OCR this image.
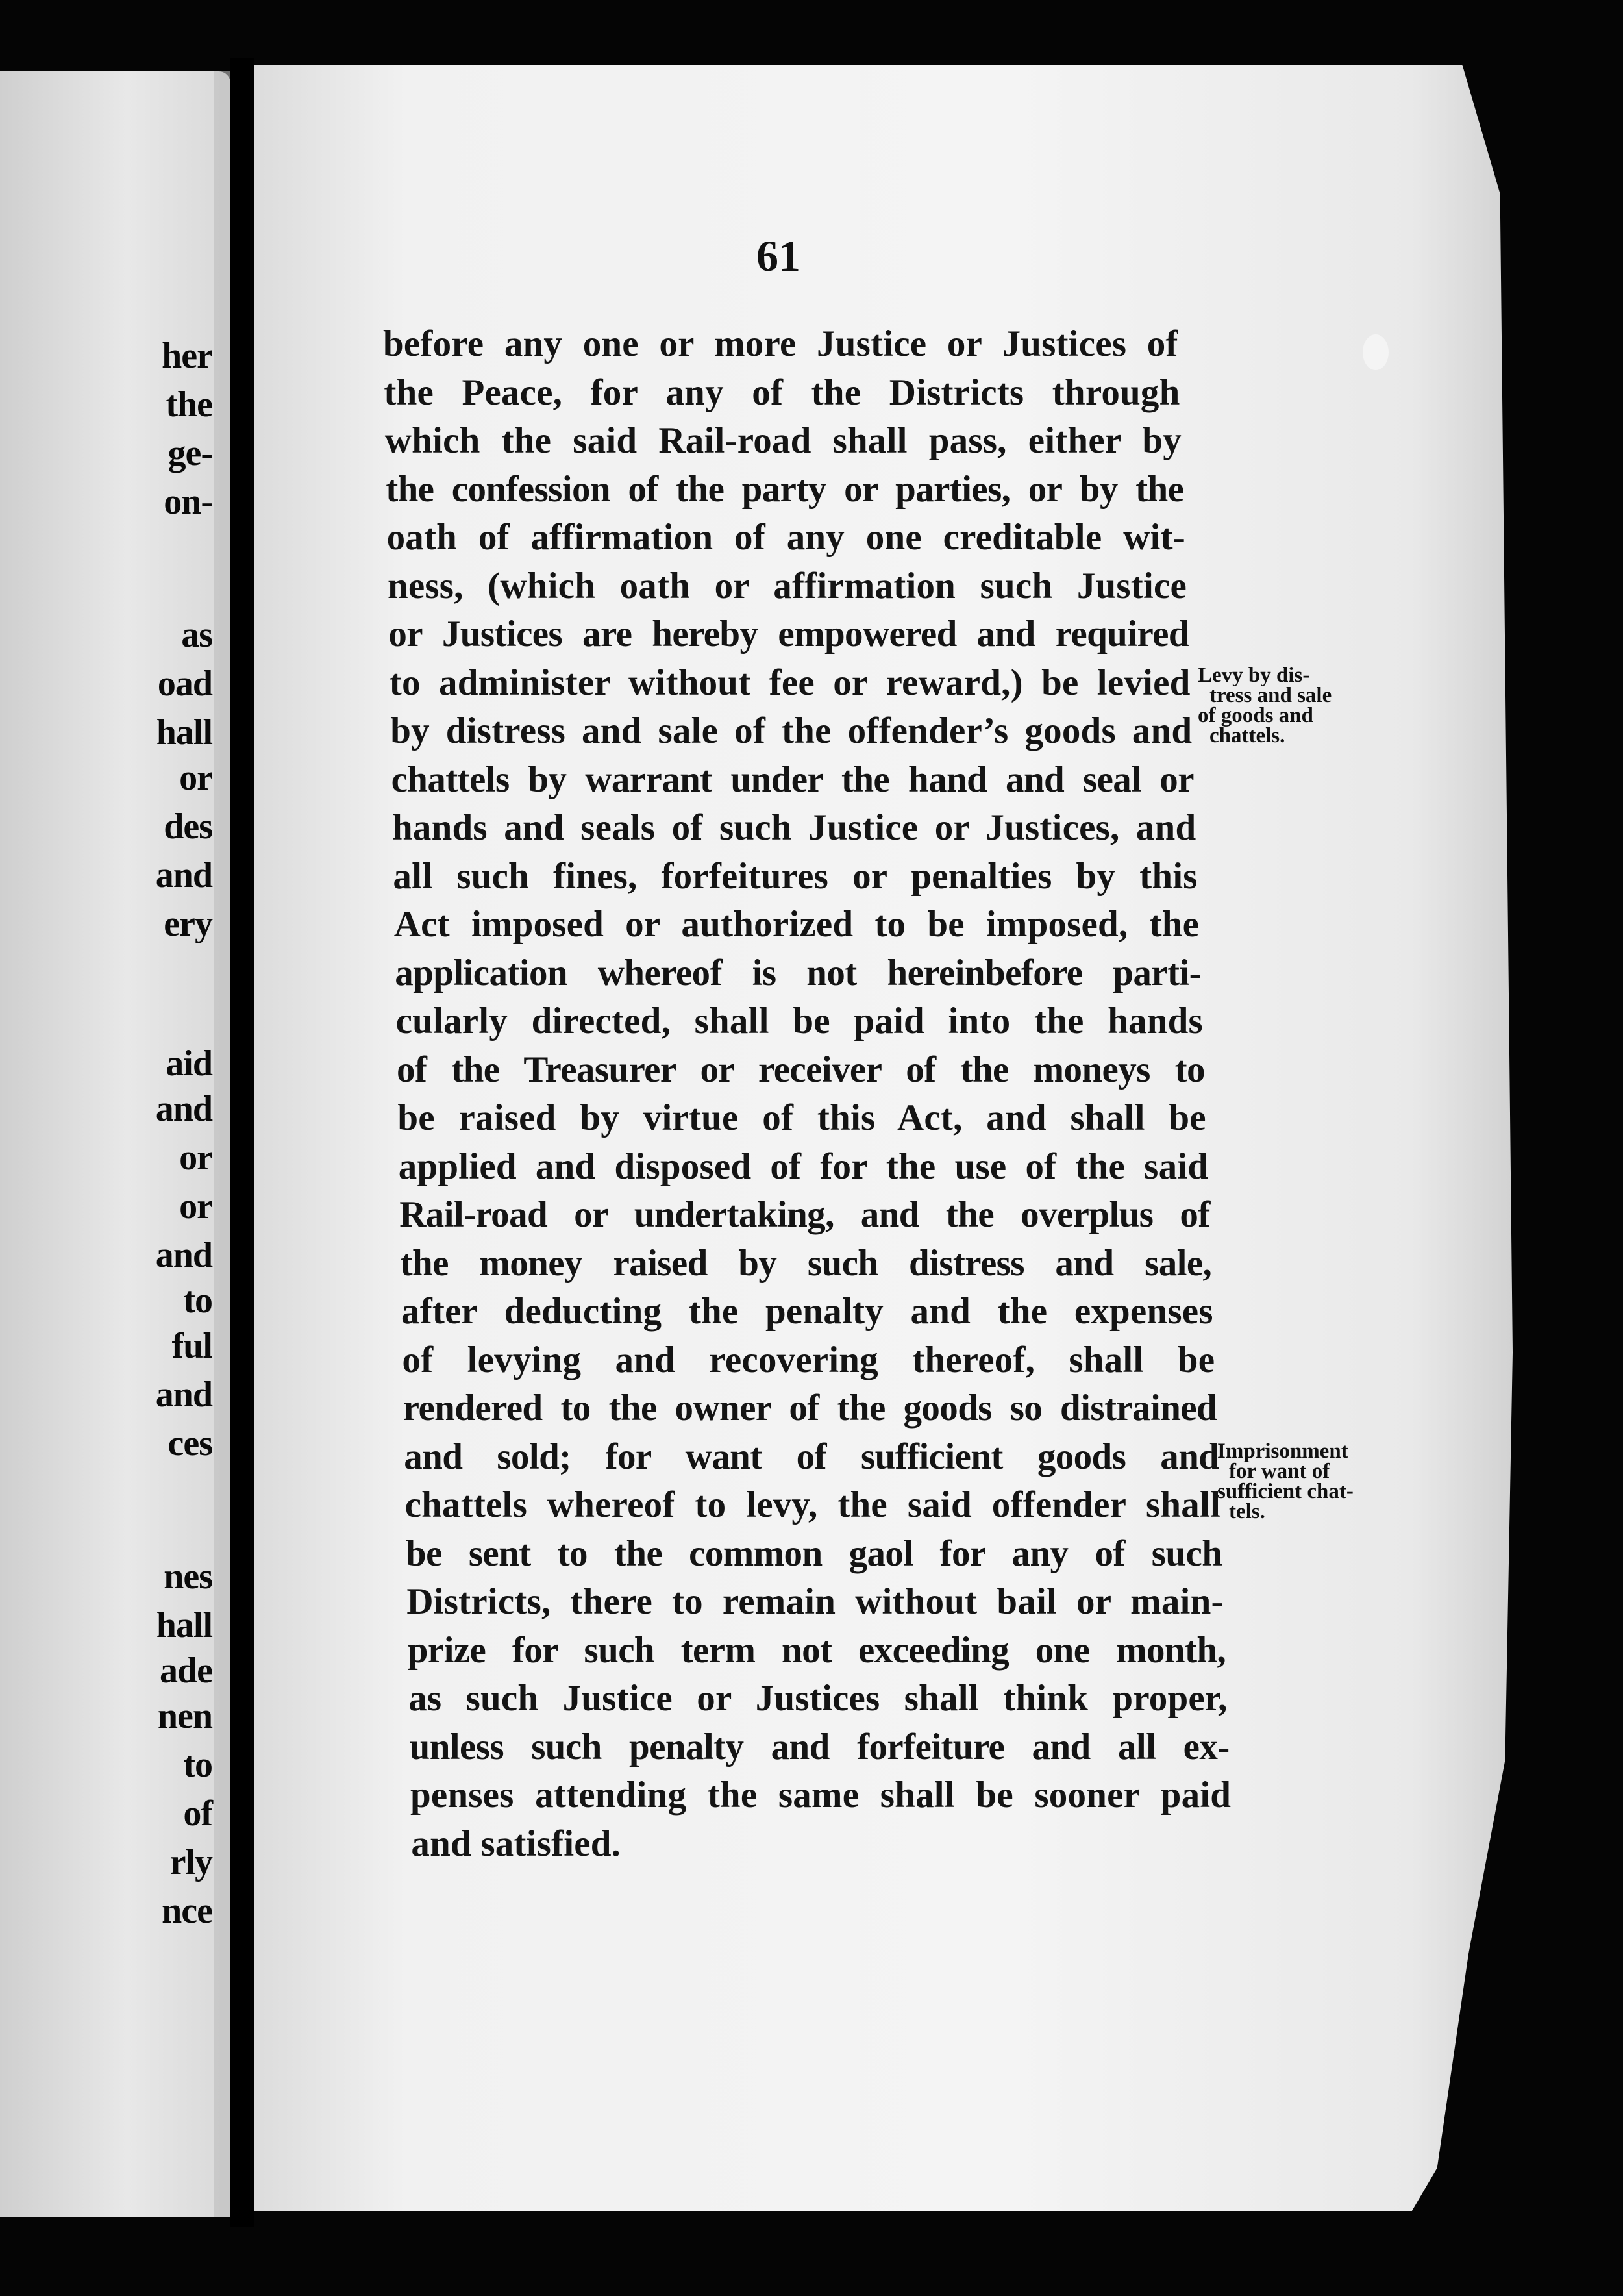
her
the
ge-
on-
as
oad
hall
or
des
and
ery
aid
and
or
or
and
to
ful
and
ces
nes
hall
ade
nen
to
of
rly
nce
61
before any one or more Justice or Justices of
the Peace, for any of the Districts through
which the said Rail-road shall pass, either by
the confession of the party or parties, or by the
oath of affirmation of any one creditable wit-
ness, (which oath or affirmation such Justice
or Justices are hereby empowered and required
to administer without fee or reward,) be levied
by distress and sale of the offender’s goods and
chattels by warrant under the hand and seal or
hands and seals of such Justice or Justices, and
all such fines, forfeitures or penalties by this
Act imposed or authorized to be imposed, the
application whereof is not hereinbefore parti-
cularly directed, shall be paid into the hands
of the Treasurer or receiver of the moneys to
be raised by virtue of this Act, and shall be
applied and disposed of for the use of the said
Rail-road or undertaking, and the overplus of
the money raised by such distress and sale,
after deducting the penalty and the expenses
of levying and recovering thereof, shall be
rendered to the owner of the goods so distrained
and sold; for want of sufficient goods and
chattels whereof to levy, the said offender shall
be sent to the common gaol for any of such
Districts, there to remain without bail or main-
prize for such term not exceeding one month,
as such Justice or Justices shall think proper,
unless such penalty and forfeiture and all ex-
penses attending the same shall be sooner paid
and satisfied.
Levy by dis-
tress and sale
of goods and
chattels.
Imprisonment
for want of
sufficient chat-
tels.
